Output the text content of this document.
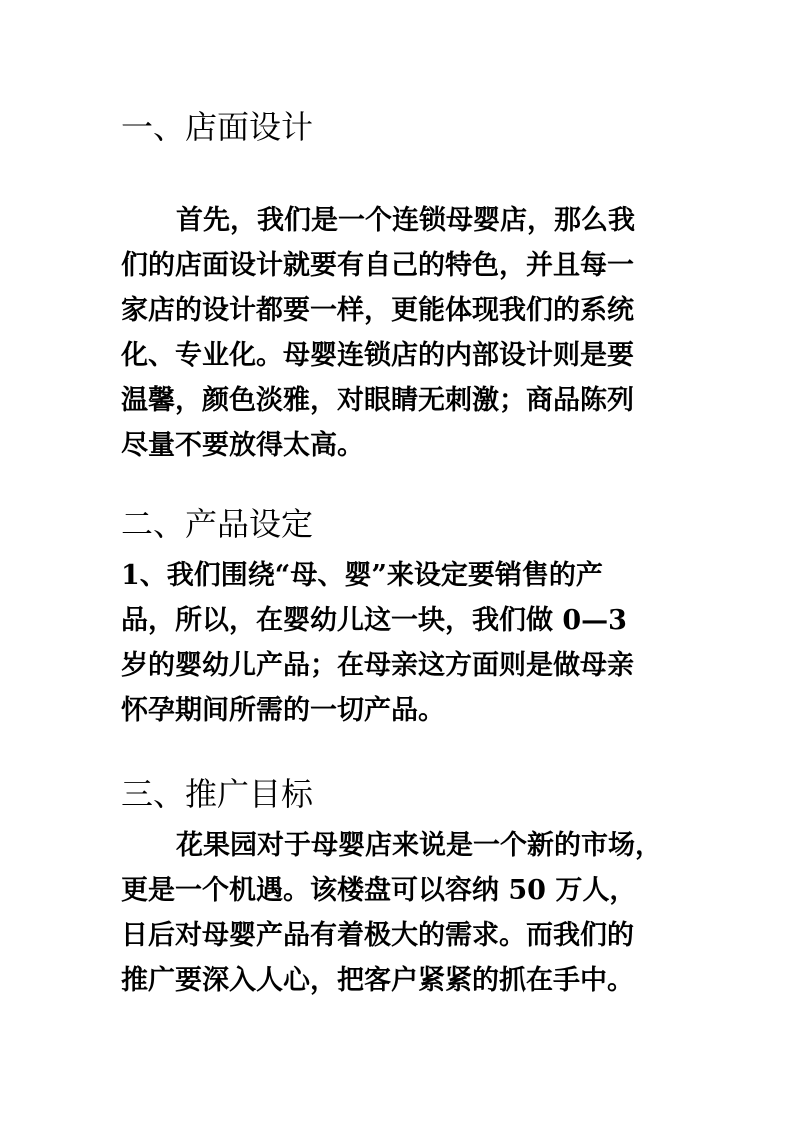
一、店面设计
首先，我们是一个连锁母婴店，那么我
们的店面设计就要有自己的特色，并且每一
家店的设计都要一样，更能体现我们的系统
化、专业化。母婴连锁店的内部设计则是要
温馨，颜色淡雅，对眼睛无刺激；商品陈列
尽量不要放得太高。
二、产品设定
1、我们围绕“母、婴”来设定要销售的产
品，所以，在婴幼儿这一块，我们做 0—3
岁的婴幼儿产品；在母亲这方面则是做母亲
怀孕期间所需的一切产品。
三、推广目标
花果园对于母婴店来说是一个新的市场，
更是一个机遇。该楼盘可以容纳 50 万人，
日后对母婴产品有着极大的需求。而我们的
推广要深入人心，把客户紧紧的抓在手中。
